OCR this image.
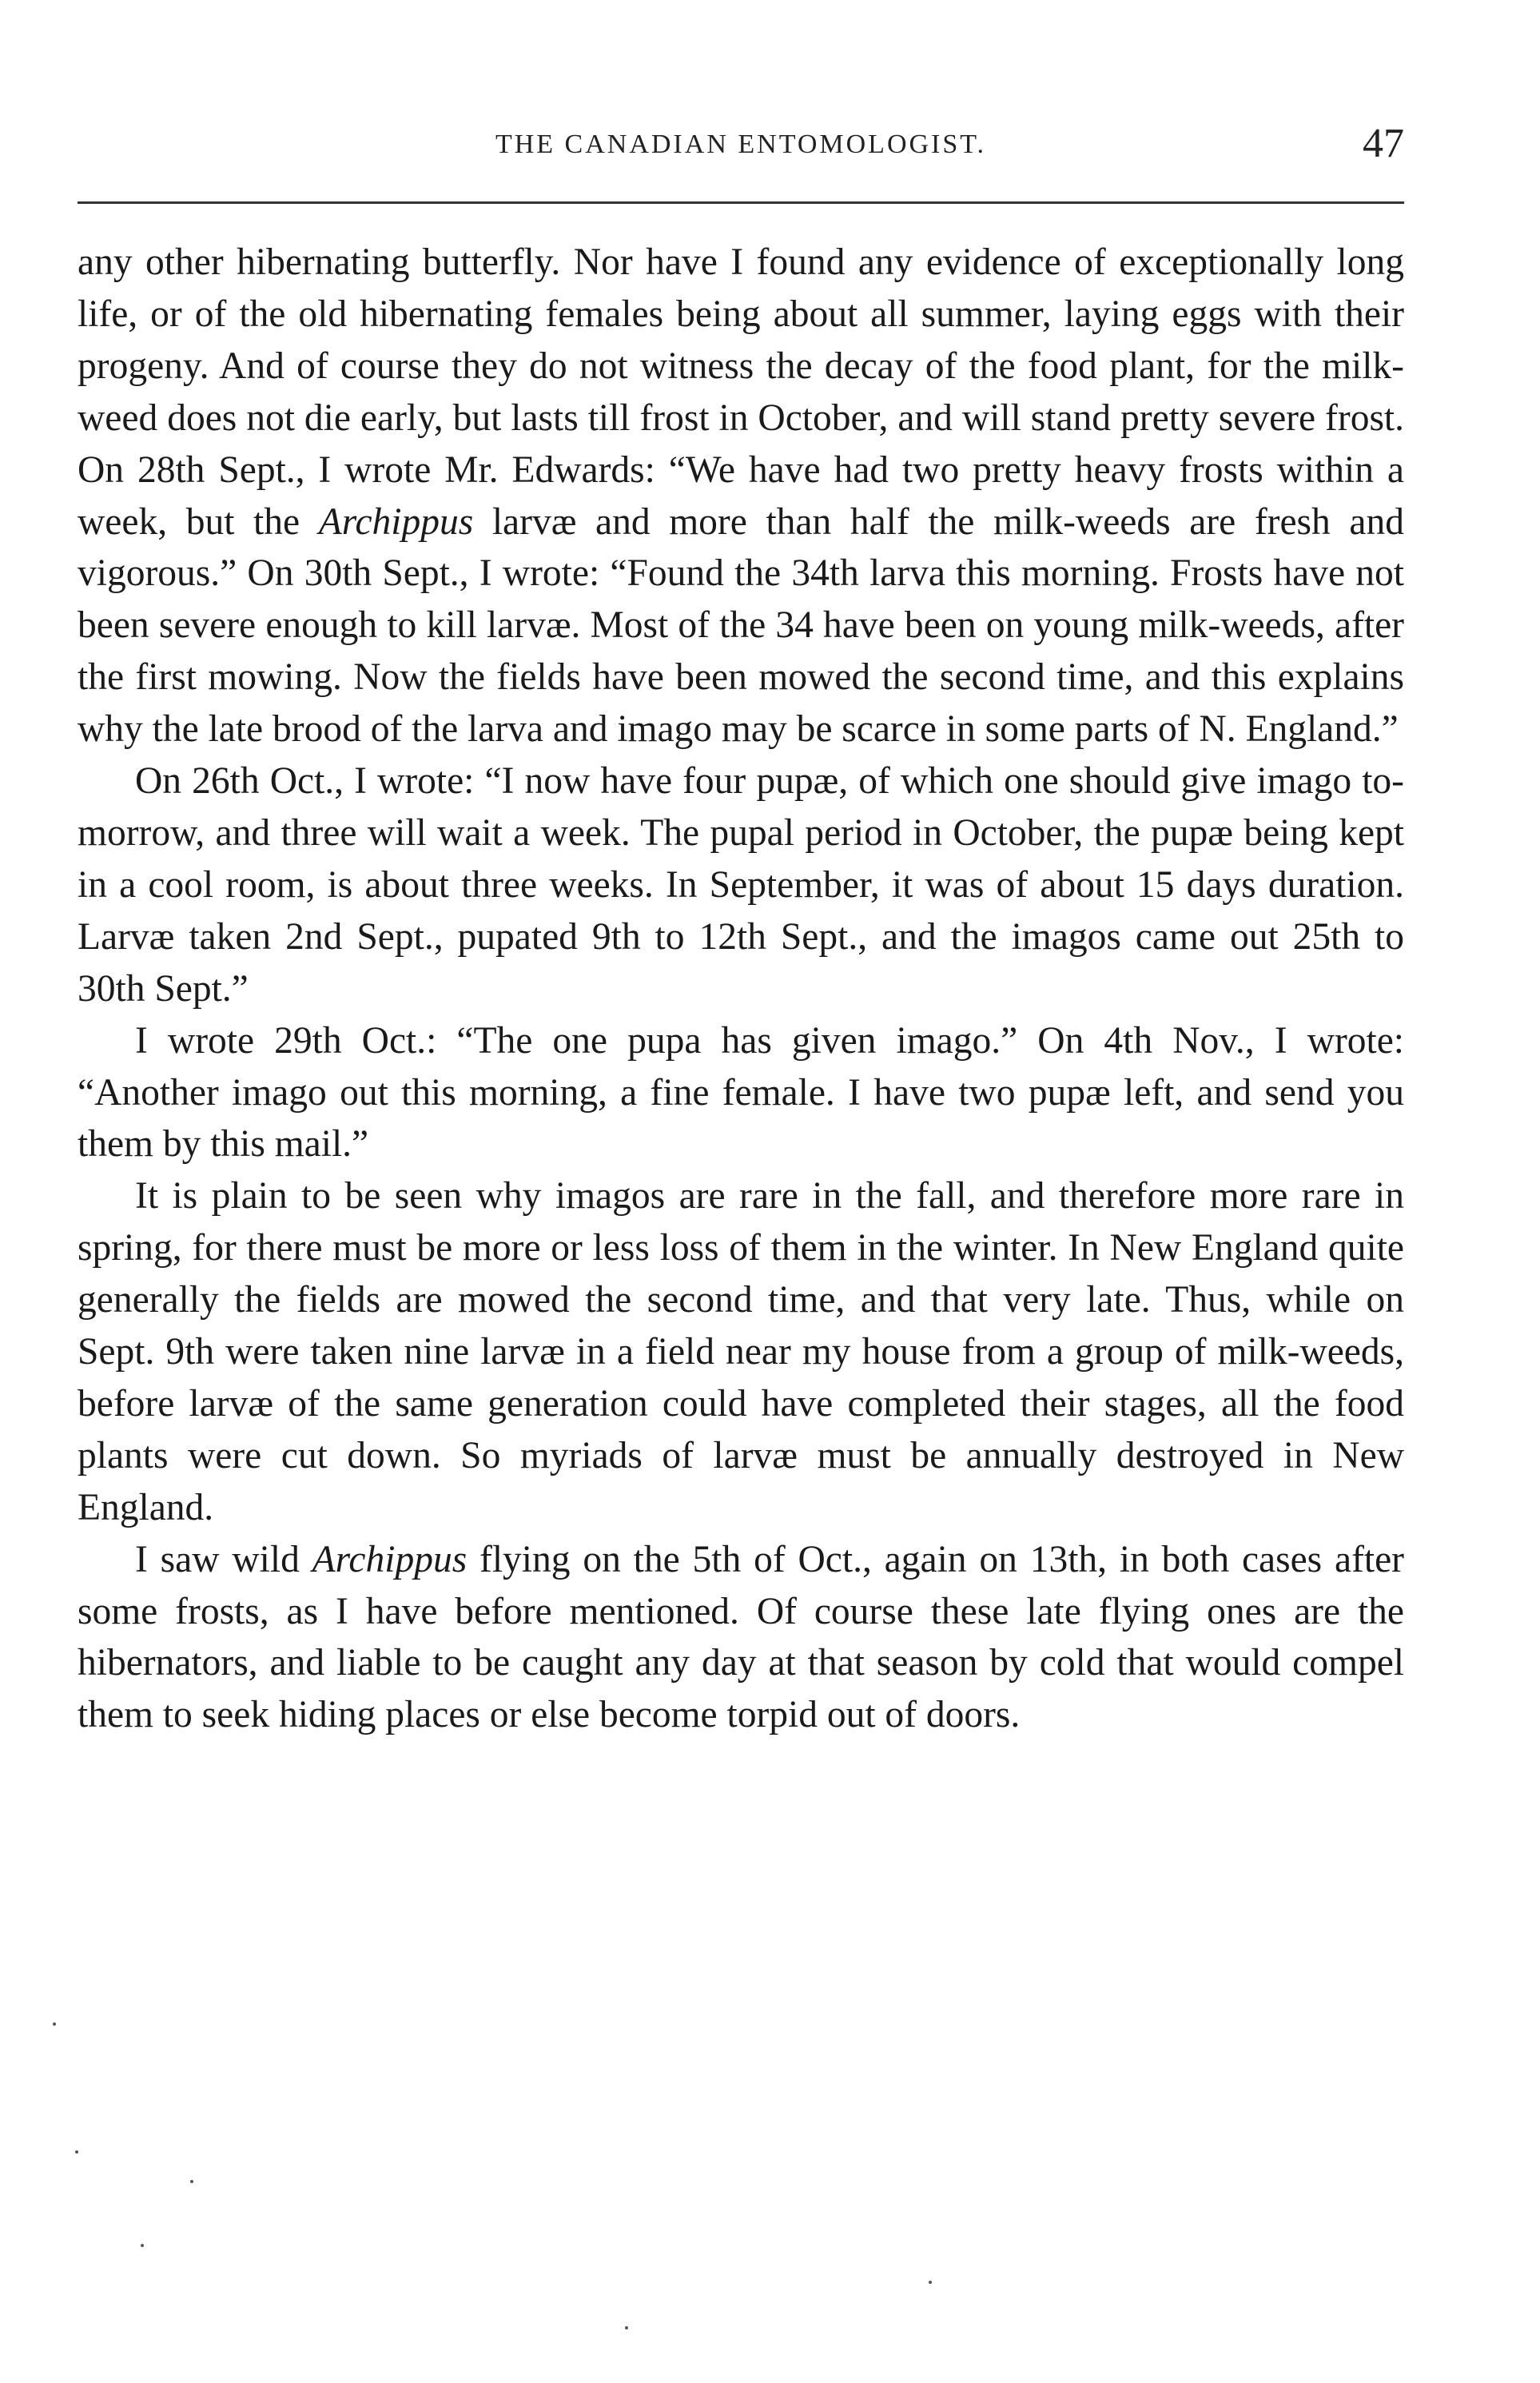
THE CANADIAN ENTOMOLOGIST.	47

any other hibernating butterfly. Nor have I found any evidence of exceptionally long life, or of the old hibernating females being about all summer, laying eggs with their progeny. And of course they do not witness the decay of the food plant, for the milk-weed does not die early, but lasts till frost in October, and will stand pretty severe frost. On 28th Sept., I wrote Mr. Edwards: “We have had two pretty heavy frosts within a week, but the Archippus larvæ and more than half the milk-weeds are fresh and vigorous.” On 30th Sept., I wrote: “Found the 34th larva this morning. Frosts have not been severe enough to kill larvæ. Most of the 34 have been on young milk-weeds, after the first mowing. Now the fields have been mowed the second time, and this explains why the late brood of the larva and imago may be scarce in some parts of N. England.”

On 26th Oct., I wrote: “I now have four pupæ, of which one should give imago to-morrow, and three will wait a week. The pupal period in October, the pupæ being kept in a cool room, is about three weeks. In September, it was of about 15 days duration. Larvæ taken 2nd Sept., pupated 9th to 12th Sept., and the imagos came out 25th to 30th Sept.”

I wrote 29th Oct.: “The one pupa has given imago.” On 4th Nov., I wrote: “Another imago out this morning, a fine female. I have two pupæ left, and send you them by this mail.”

It is plain to be seen why imagos are rare in the fall, and therefore more rare in spring, for there must be more or less loss of them in the winter. In New England quite generally the fields are mowed the second time, and that very late. Thus, while on Sept. 9th were taken nine larvæ in a field near my house from a group of milk-weeds, before larvæ of the same generation could have completed their stages, all the food plants were cut down. So myriads of larvæ must be annually destroyed in New England.

I saw wild Archippus flying on the 5th of Oct., again on 13th, in both cases after some frosts, as I have before mentioned. Of course these late flying ones are the hibernators, and liable to be caught any day at that season by cold that would compel them to seek hiding places or else become torpid out of doors.
